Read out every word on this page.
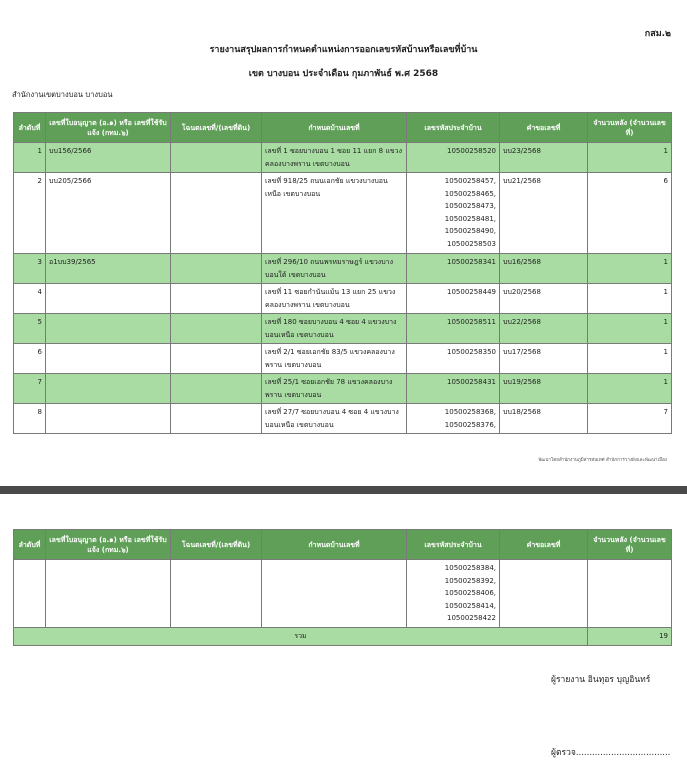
กสม.๒
รายงานสรุปผลการกำหนดตำแหน่งการออกเลขรหัสบ้านหรือเลขที่บ้าน
เขต บางบอน ประจำเดือน กุมภาพันธ์ พ.ศ 2568
สำนักงานเขตบางบอน บางบอน
ลำดับที่	เลขที่ใบอนุญาต (อ.๑) หรือ เลขที่ใช้รับแจ้ง (กทม.๖)	โฉนดเลขที่/(เลขที่ดิน)	กำหนดบ้านเลขที่	เลขรหัสประจำบ้าน	คำขอเลขที่	จำนวนหลัง (จำนวนเลขที่)
1	บบ156/2566		เลขที่ 1 ซอยบางบอน 1 ซอย 11 แยก 8 แขวงคลองบางพราน เขตบางบอน	10500258520	บบ23/2568	1
2	บบ205/2566		เลขที่ 918/25 ถนนเอกชัย แขวงบางบอนเหนือ เขตบางบอน	10500258457, 10500258465, 10500258473, 10500258481, 10500258490, 10500258503	บบ21/2568	6
3	อ1บบ39/2565		เลขที่ 296/10 ถนนพรหมราษฎร์ แขวงบางบอนใต้ เขตบางบอน	10500258341	บบ16/2568	1
4			เลขที่ 11 ซอยกำนันแม้น 13 แยก 25 แขวงคลองบางพราน เขตบางบอน	10500258449	บบ20/2568	1
5			เลขที่ 180 ซอยบางบอน 4 ซอย 4 แขวงบางบอนเหนือ เขตบางบอน	10500258511	บบ22/2568	1
6			เลขที่ 2/1 ซอยเอกชัย 83/5 แขวงคลองบางพราน เขตบางบอน	10500258350	บบ17/2568	1
7			เลขที่ 25/1 ซอยเอกชัย 78 แขวงคลองบางพราน เขตบางบอน	10500258431	บบ19/2568	1
8			เลขที่ 27/7 ซอยบางบอน 4 ซอย 4 แขวงบางบอนเหนือ เขตบางบอน	10500258368, 10500258376,	บบ18/2568	7
พัฒนาโดยสำนักงานภูมิสารสนเทศ สำนักการวางผังและพัฒนาเมือง
ลำดับที่	เลขที่ใบอนุญาต (อ.๑) หรือ เลขที่ใช้รับแจ้ง (กทม.๖)	โฉนดเลขที่/(เลขที่ดิน)	กำหนดบ้านเลขที่	เลขรหัสประจำบ้าน	คำขอเลขที่	จำนวนหลัง (จำนวนเลขที่)
				10500258384, 10500258392, 10500258406, 10500258414, 10500258422		
รวม						19
ผู้รายงาน อินทุอร บุญอินทร์
ผู้ตรวจ...................................
